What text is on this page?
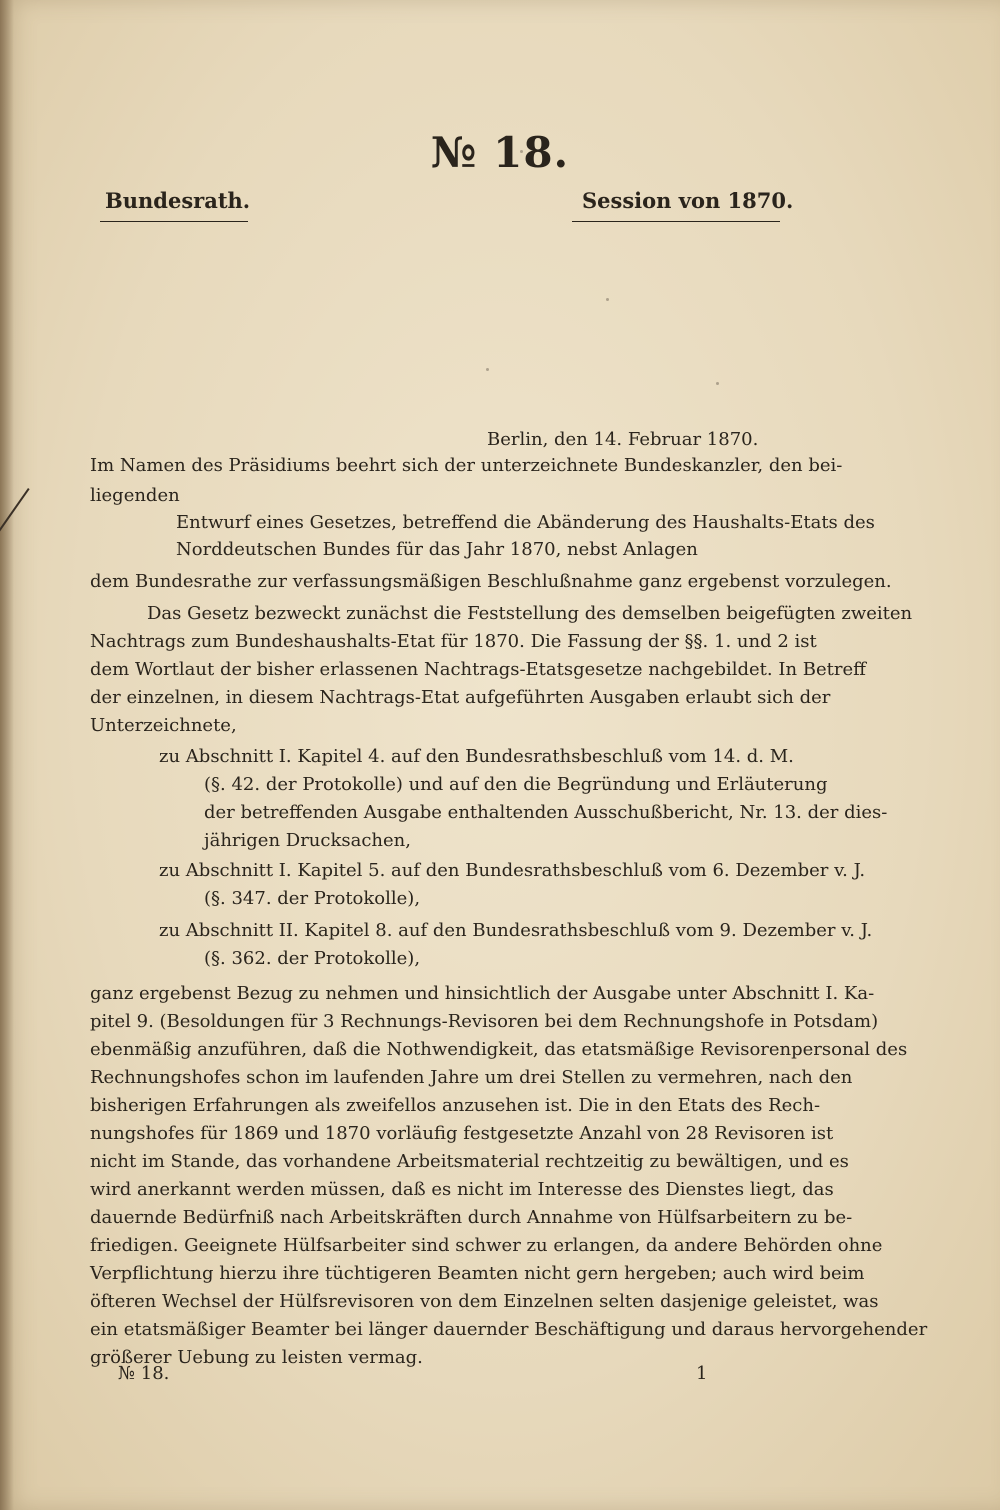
№ 18.
Bundesrath.	Session von 1870.
Berlin, den 14. Februar 1870.
Im Namen des Präsidiums beehrt sich der unterzeichnete Bundeskanzler, den bei-
liegenden
Entwurf eines Gesetzes, betreffend die Abänderung des Haushalts-Etats des
Norddeutschen Bundes für das Jahr 1870, nebst Anlagen
dem Bundesrathe zur verfassungsmäßigen Beschlußnahme ganz ergebenst vorzulegen.
Das Gesetz bezweckt zunächst die Feststellung des demselben beigefügten zweiten
Nachtrags zum Bundeshaushalts-Etat für 1870. Die Fassung der §§. 1. und 2 ist
dem Wortlaut der bisher erlassenen Nachtrags-Etatsgesetze nachgebildet. In Betreff
der einzelnen, in diesem Nachtrags-Etat aufgeführten Ausgaben erlaubt sich der
Unterzeichnete,
zu Abschnitt I. Kapitel 4. auf den Bundesrathsbeschluß vom 14. d. M.
(§. 42. der Protokolle) und auf den die Begründung und Erläuterung
der betreffenden Ausgabe enthaltenden Ausschußbericht, Nr. 13. der dies-
jährigen Drucksachen,
zu Abschnitt I. Kapitel 5. auf den Bundesrathsbeschluß vom 6. Dezember v. J.
(§. 347. der Protokolle),
zu Abschnitt II. Kapitel 8. auf den Bundesrathsbeschluß vom 9. Dezember v. J.
(§. 362. der Protokolle),
ganz ergebenst Bezug zu nehmen und hinsichtlich der Ausgabe unter Abschnitt I. Ka-
pitel 9. (Besoldungen für 3 Rechnungs-Revisoren bei dem Rechnungshofe in Potsdam)
ebenmäßig anzuführen, daß die Nothwendigkeit, das etatsmäßige Revisorenpersonal des
Rechnungshofes schon im laufenden Jahre um drei Stellen zu vermehren, nach den
bisherigen Erfahrungen als zweifellos anzusehen ist. Die in den Etats des Rech-
nungshofes für 1869 und 1870 vorläufig festgesetzte Anzahl von 28 Revisoren ist
nicht im Stande, das vorhandene Arbeitsmaterial rechtzeitig zu bewältigen, und es
wird anerkannt werden müssen, daß es nicht im Interesse des Dienstes liegt, das
dauernde Bedürfniß nach Arbeitskräften durch Annahme von Hülfsarbeitern zu be-
friedigen. Geeignete Hülfsarbeiter sind schwer zu erlangen, da andere Behörden ohne
Verpflichtung hierzu ihre tüchtigeren Beamten nicht gern hergeben; auch wird beim
öfteren Wechsel der Hülfsrevisoren von dem Einzelnen selten dasjenige geleistet, was
ein etatsmäßiger Beamter bei länger dauernder Beschäftigung und daraus hervorgehender
größerer Uebung zu leisten vermag.
№ 18.	1
